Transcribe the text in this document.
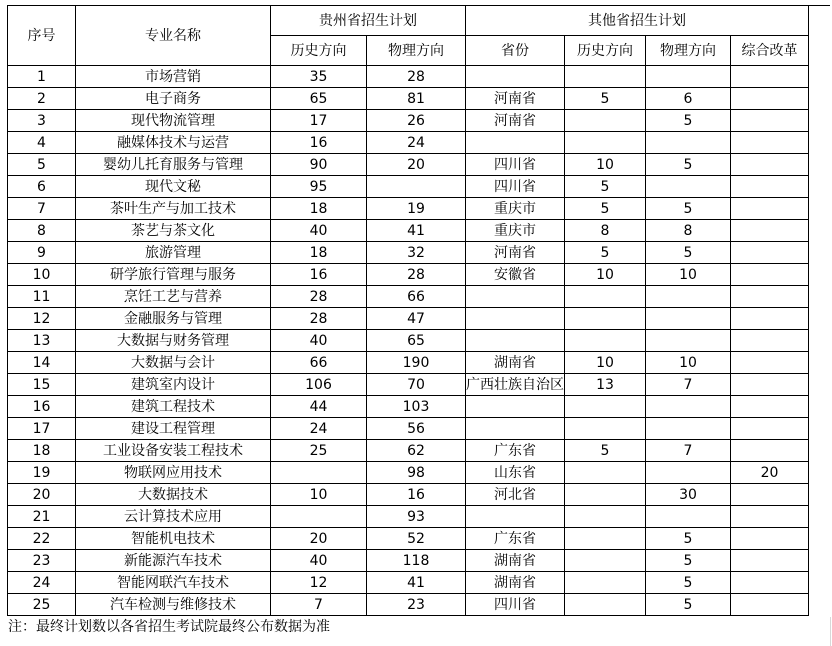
序号	专业名称	贵州省招生计划		其他省招生计划			
		历史方向	物理方向	省份	历史方向	物理方向	综合改革
1	市场营销	35	28				
2	电子商务	65	81	河南省	5	6	
3	现代物流管理	17	26	河南省		5	
4	融媒体技术与运营	16	24				
5	婴幼儿托育服务与管理	90	20	四川省	10	5	
6	现代文秘	95		四川省	5		
7	茶叶生产与加工技术	18	19	重庆市	5	5	
8	茶艺与茶文化	40	41	重庆市	8	8	
9	旅游管理	18	32	河南省	5	5	
10	研学旅行管理与服务	16	28	安徽省	10	10	
11	烹饪工艺与营养	28	66				
12	金融服务与管理	28	47				
13	大数据与财务管理	40	65				
14	大数据与会计	66	190	湖南省	10	10	
15	建筑室内设计	106	70	广西壮族自治区	13	7	
16	建筑工程技术	44	103				
17	建设工程管理	24	56				
18	工业设备安装工程技术	25	62	广东省	5	7	
19	物联网应用技术		98	山东省			20
20	大数据技术	10	16	河北省		30	
21	云计算技术应用		93				
22	智能机电技术	20	52	广东省		5	
23	新能源汽车技术	40	118	湖南省		5	
24	智能网联汽车技术	12	41	湖南省		5	
25	汽车检测与维修技术	7	23	四川省		5	
注：最终计划数以各省招生考试院最终公布数据为准
